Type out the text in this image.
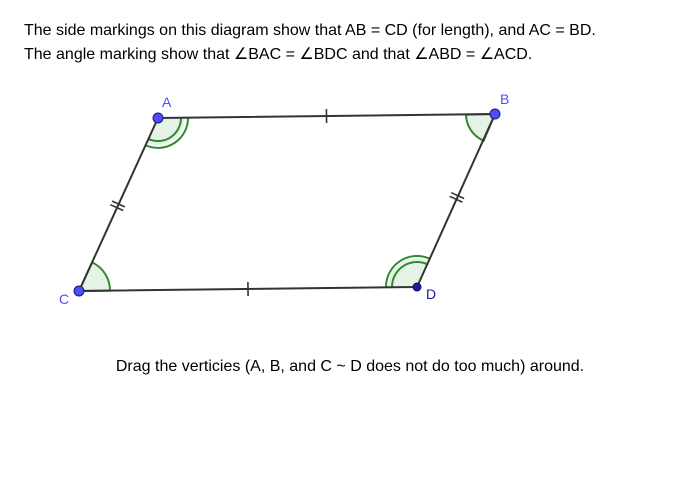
The side markings on this diagram show that AB = CD (for length), and AC = BD.
The angle marking show that ∠BAC = ∠BDC and that ∠ABD = ∠ACD.

A	B
C	D

Drag the verticies (A, B, and C ~ D does not do too much) around.
